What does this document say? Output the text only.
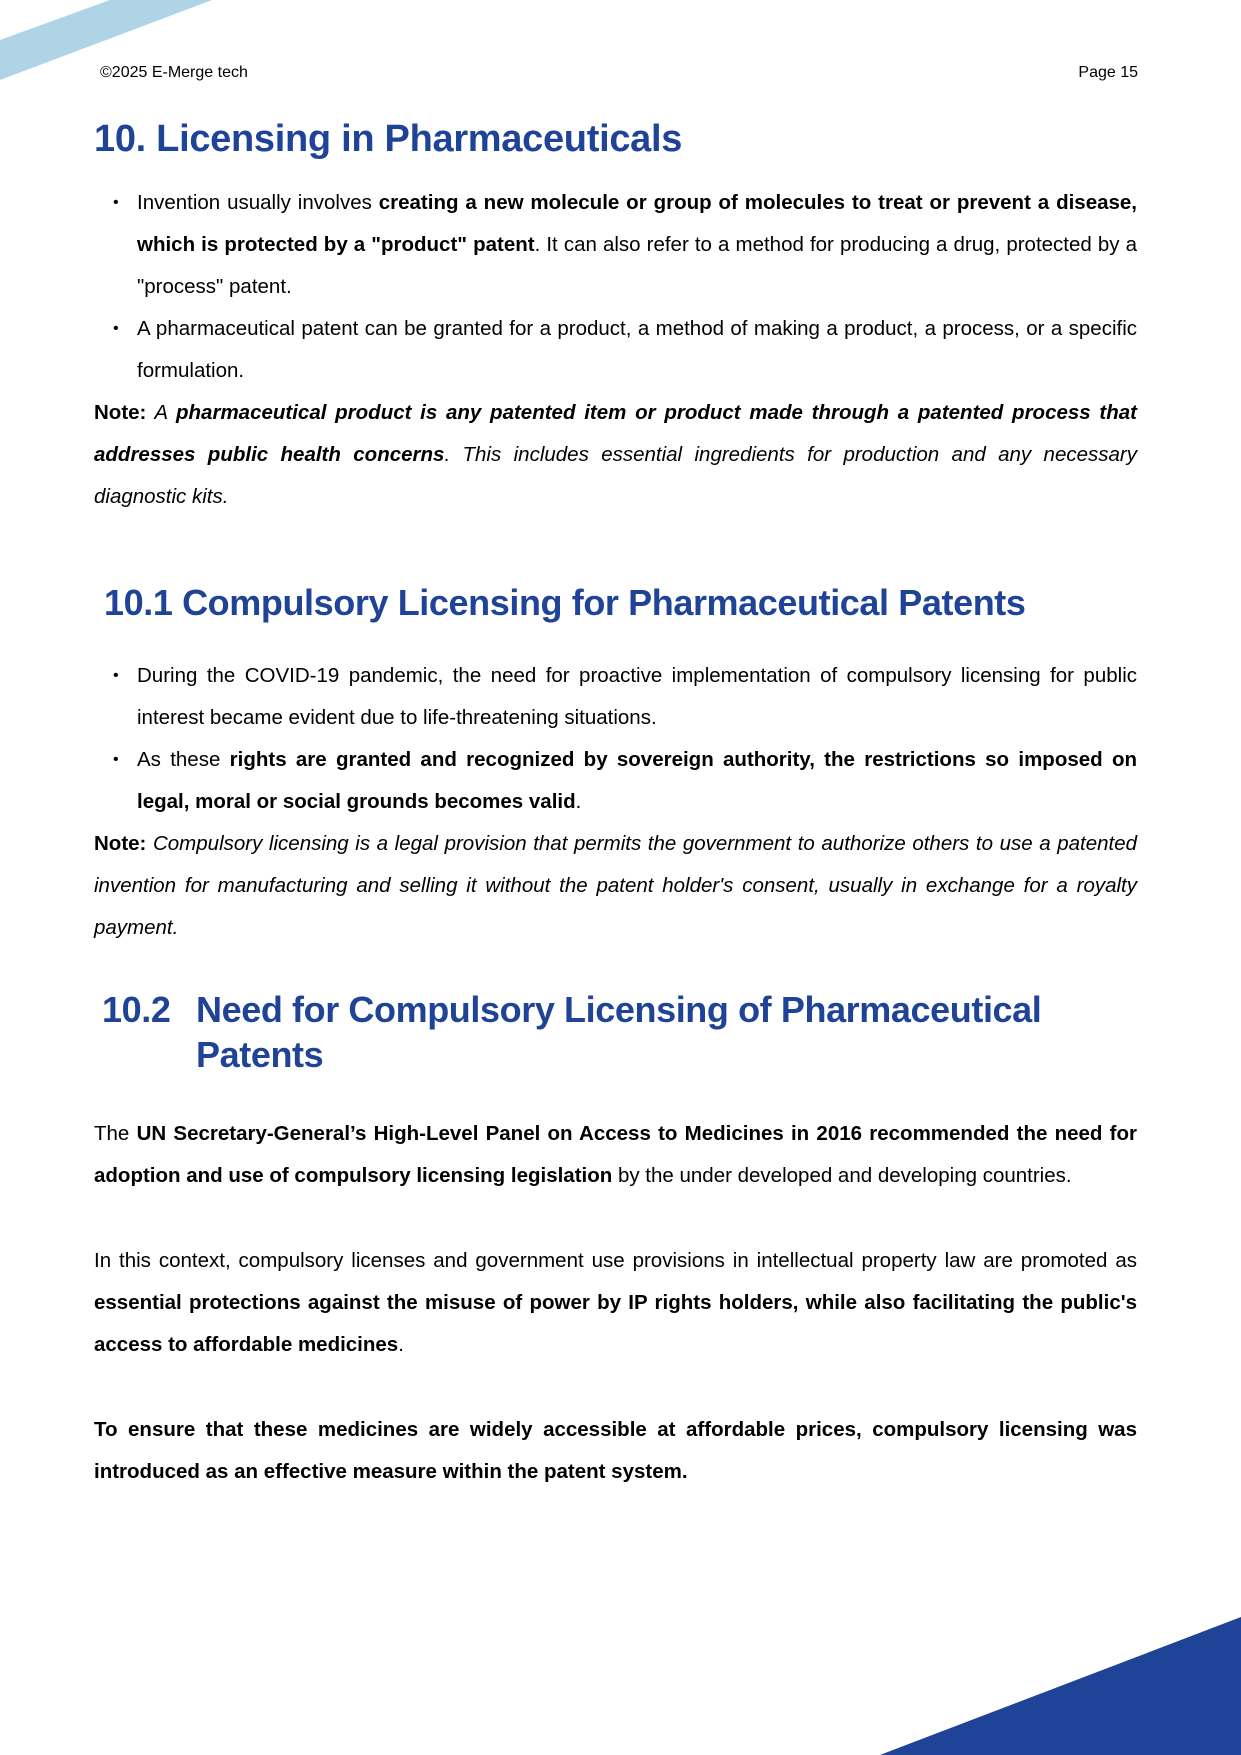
©2025 E-Merge tech	Page 15
10. Licensing in Pharmaceuticals
• Invention usually involves creating a new molecule or group of molecules to treat or prevent a disease, which is protected by a "product" patent. It can also refer to a method for producing a drug, protected by a "process" patent.
• A pharmaceutical patent can be granted for a product, a method of making a product, a process, or a specific formulation.

Note: A pharmaceutical product is any patented item or product made through a patented process that addresses public health concerns. This includes essential ingredients for production and any necessary diagnostic kits.

10.1 Compulsory Licensing for Pharmaceutical Patents
• During the COVID-19 pandemic, the need for proactive implementation of compulsory licensing for public interest became evident due to life-threatening situations.
• As these rights are granted and recognized by sovereign authority, the restrictions so imposed on legal, moral or social grounds becomes valid.

Note: Compulsory licensing is a legal provision that permits the government to authorize others to use a patented invention for manufacturing and selling it without the patent holder's consent, usually in exchange for a royalty payment.

10.2 Need for Compulsory Licensing of Pharmaceutical Patents

The UN Secretary-General’s High-Level Panel on Access to Medicines in 2016 recommended the need for adoption and use of compulsory licensing legislation by the under developed and developing countries.

In this context, compulsory licenses and government use provisions in intellectual property law are promoted as essential protections against the misuse of power by IP rights holders, while also facilitating the public's access to affordable medicines.

To ensure that these medicines are widely accessible at affordable prices, compulsory licensing was introduced as an effective measure within the patent system.
